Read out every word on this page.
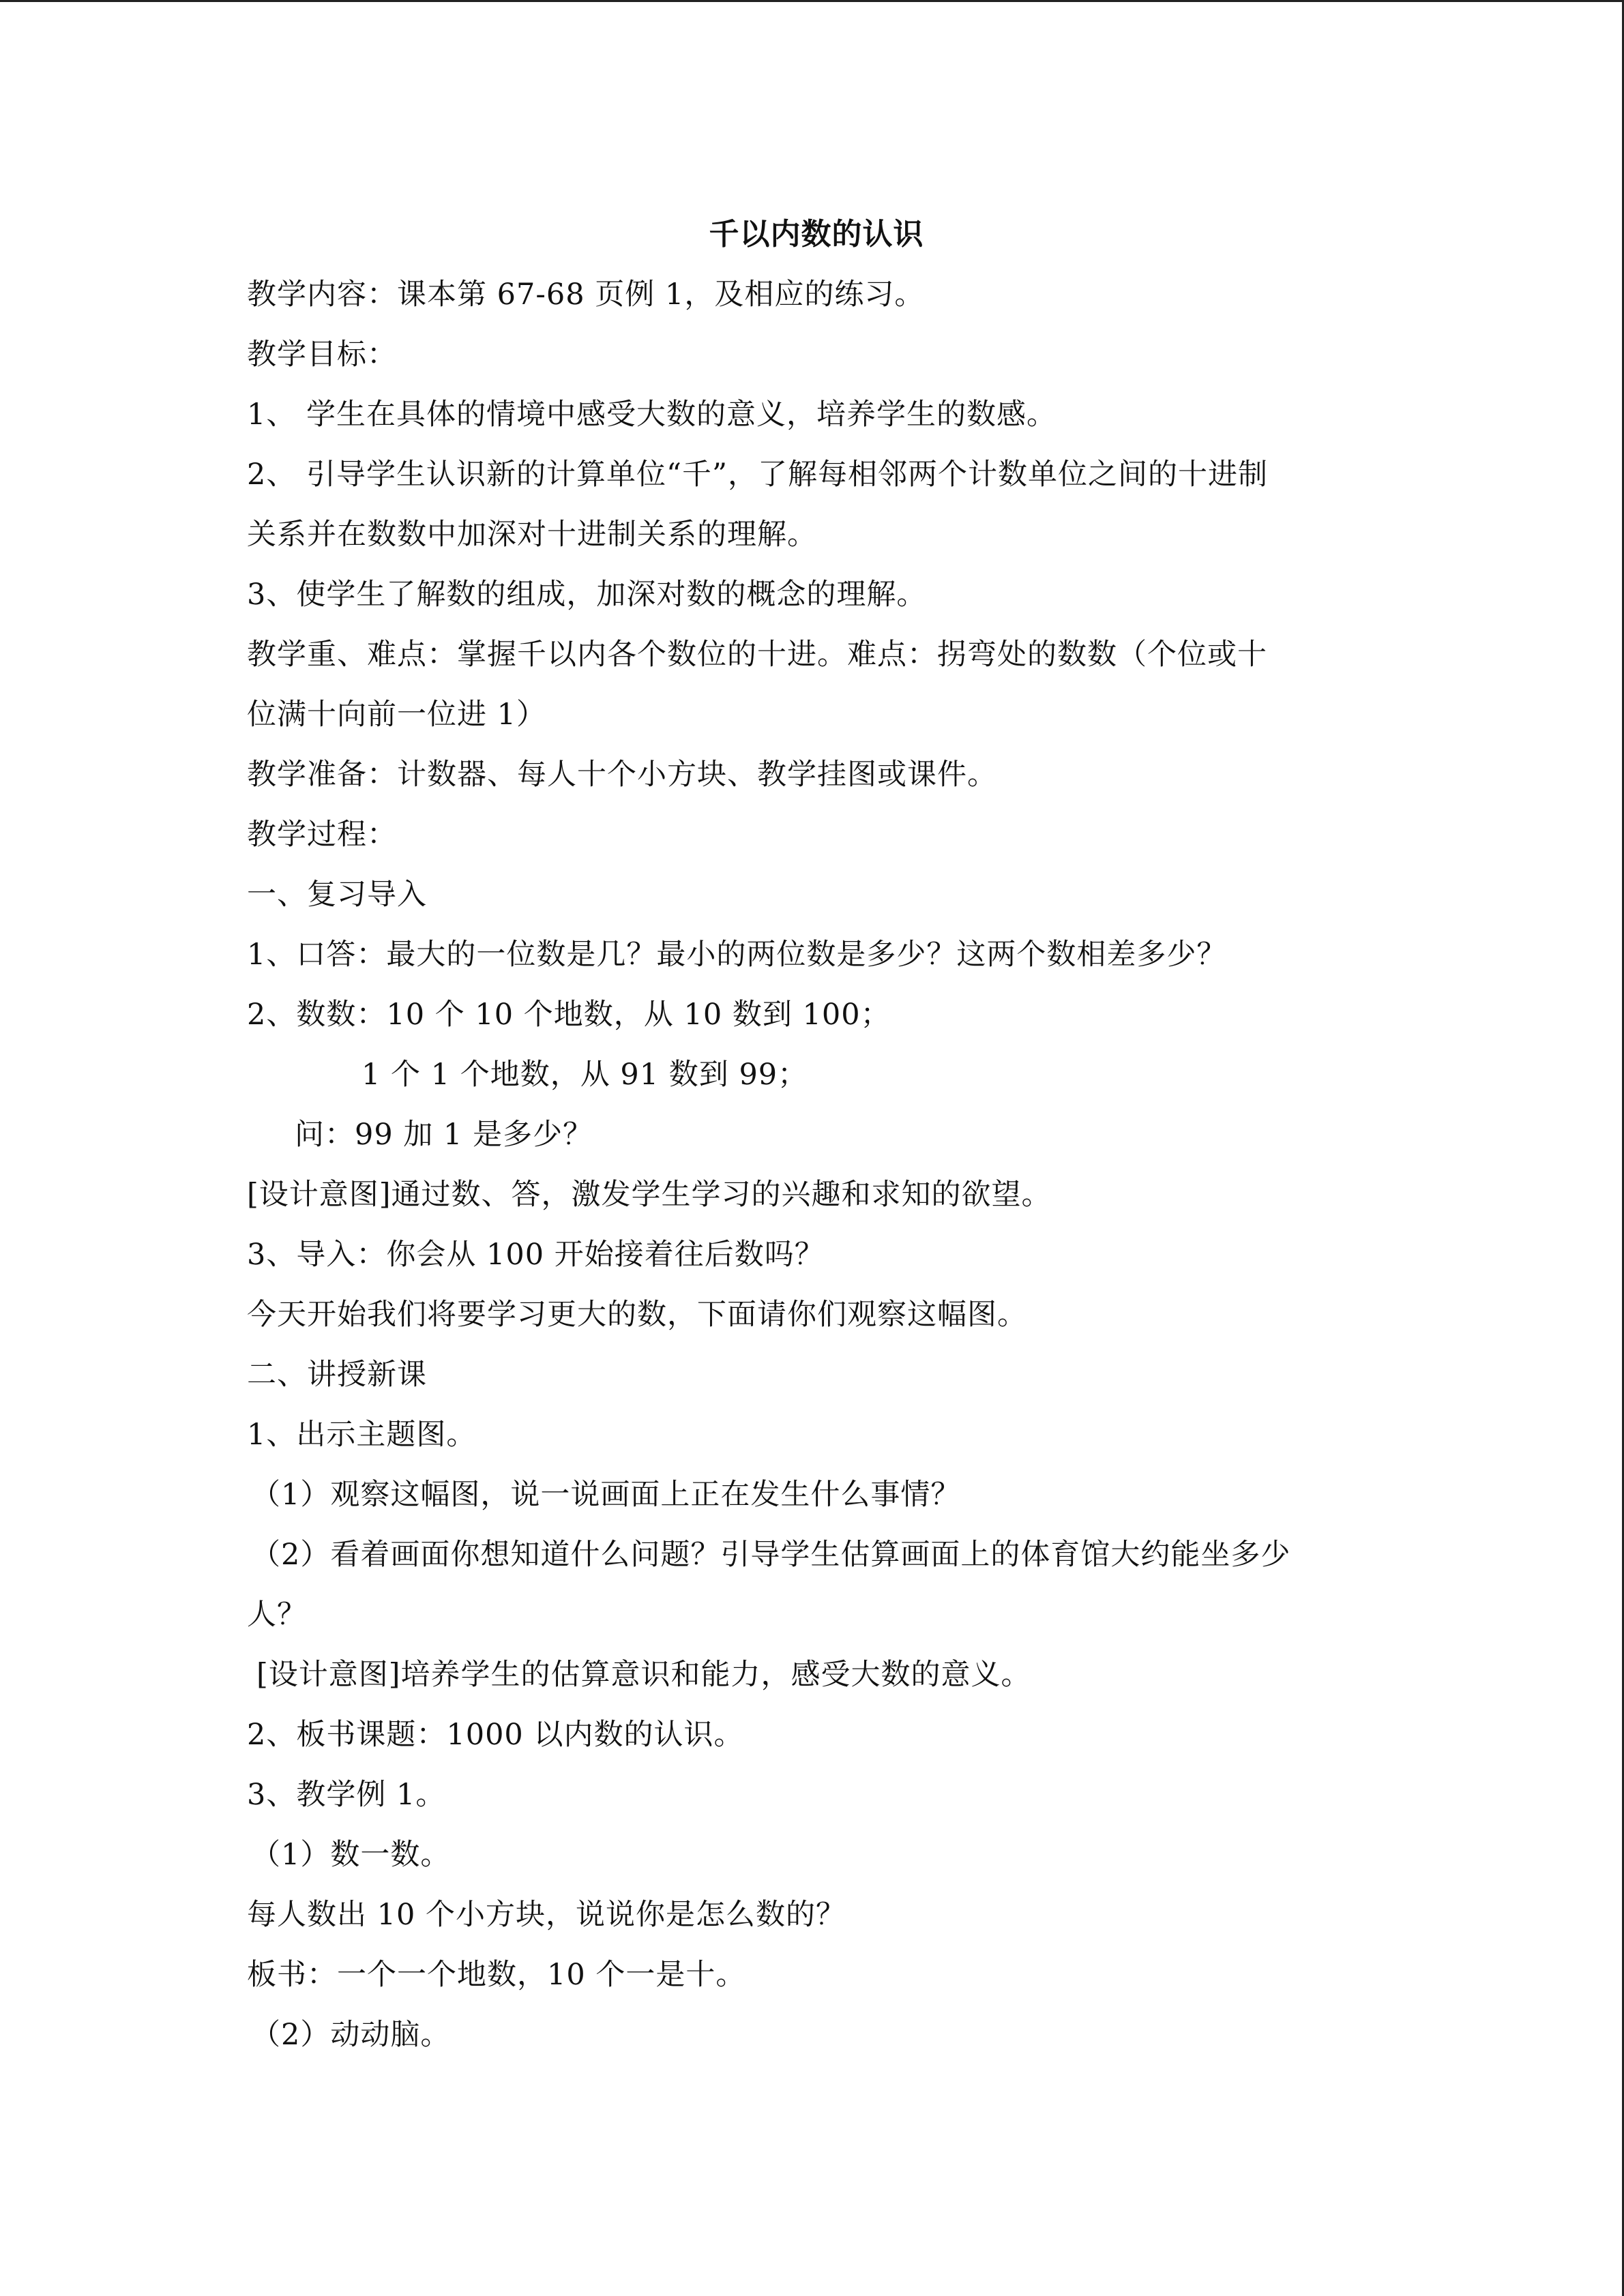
千以内数的认识

教学内容：课本第 67-68 页例 1，及相应的练习。

教学目标：

1、 学生在具体的情境中感受大数的意义，培养学生的数感。

2、 引导学生认识新的计算单位“千”，了解每相邻两个计数单位之间的十进制

关系并在数数中加深对十进制关系的理解。

3、使学生了解数的组成，加深对数的概念的理解。

教学重、难点：掌握千以内各个数位的十进。难点：拐弯处的数数（个位或十

位满十向前一位进 1）

教学准备：计数器、每人十个小方块、教学挂图或课件。

教学过程：

一、复习导入

1、口答：最大的一位数是几？最小的两位数是多少？这两个数相差多少？

2、数数：10 个 10 个地数，从 10 数到 100；

1 个 1 个地数，从 91 数到 99；

问：99 加 1 是多少？

[设计意图]通过数、答，激发学生学习的兴趣和求知的欲望。

3、导入：你会从 100 开始接着往后数吗？

今天开始我们将要学习更大的数，下面请你们观察这幅图。

二、讲授新课

1、出示主题图。

（1）观察这幅图，说一说画面上正在发生什么事情？

（2）看着画面你想知道什么问题？引导学生估算画面上的体育馆大约能坐多少

人？

[设计意图]培养学生的估算意识和能力，感受大数的意义。

2、板书课题：1000 以内数的认识。

3、教学例 1。

（1）数一数。

每人数出 10 个小方块，说说你是怎么数的？

板书：一个一个地数，10 个一是十。

（2）动动脑。
